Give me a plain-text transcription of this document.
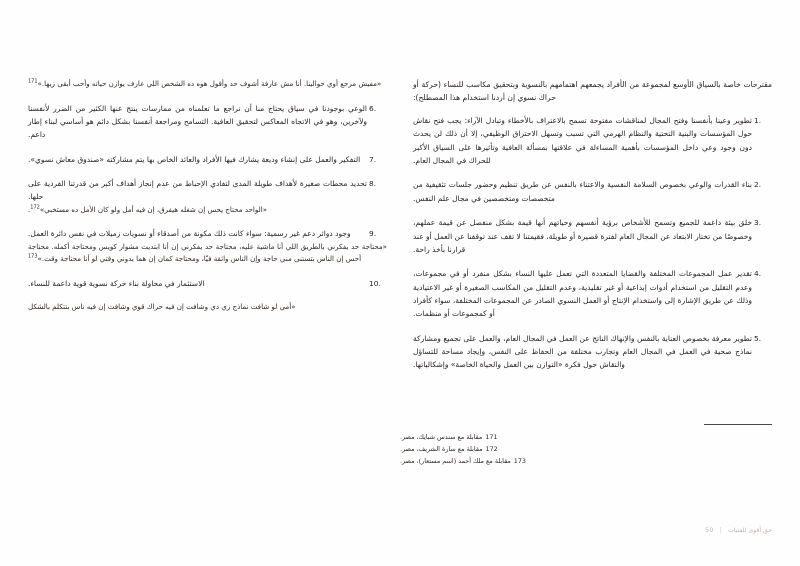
مقترحات خاصة بالسياق الأوسع لمجموعة من الأفراد يجمعهم اهتمامهم بالنسوية وبتحقيق مكاسب للنساء (حركة أو حراك نسوي إن أردنا استخدام هذا المصطلح):

1.
تطوير وعينا بأنفسنا وفتح المجال لمناقشات مفتوحة تسمح بالاعتراف بالأخطاء وتبادل الآراء: يجب فتح نقاش حول المؤسسات والبنية التحتية والنظام الهرمي التي تسبب وتسهل الاحتراق الوظيفي، إلا أن ذلك لن يحدث دون وجود وعي داخل المؤسسات بأهمية المساءلة في علاقتها بمسألة العافية وتأثيرها على السياق الأكبر للحراك في المجال العام.
2.
بناء القدرات والوعي بخصوص السلامة النفسية والاعتناء بالنفس عن طريق تنظيم وحضور جلسات تثقيفية من متخصصات ومتخصصين في مجال علم النفس.
3.
خلق بيئة داعمة للجميع وتسمح للأشخاص برؤية أنفسهم وحياتهم أنها قيمة بشكل منفصل عن قيمة عملهم، وخصوصًا من تختار الابتعاد عن المجال العام لفترة قصيرة أو طويلة، فقيمتنا لا تقف عند توقفنا عن العمل أو عند قرارنا بأخذ راحة.
4.
تقدير عمل المجموعات المختلفة والقضايا المتعددة التي تعمل عليها النساء بشكل منفرد أو في مجموعات، وعدم التقليل من استخدام أدوات إبداعية أو غير تقليدية، وعدم التقليل من المكاسب الصغيرة أو غير الاعتيادية وذلك عن طريق الإشارة إلى واستخدام الإنتاج أو العمل النسوي الصادر عن المجموعات المختلفة، سواء كأفراد أو كمجموعات أو منظمات.
5.
تطوير معرفة بخصوص العناية بالنفس والإنهاك الناتج عن العمل في المجال العام، والعمل على تجميع ومشاركة نماذج صحية في العمل في المجال العام وتجارب مختلفة من الحفاظ على النفس، وإيجاد مساحة للتساؤل والنقاش حول فكرة «التوازن بين العمل والحياة الخاصة» وإشكالياتها.

«مفيش مرجع أوي حوالينا. أنا مش عارفة أشوف حد وأقول هوه ده الشخص اللي عارف يوازن حياته وأحب أبقى زيها.»$^{171}$

6.
الوعي بوجودنا في سياق يحتاج منا أن نراجع ما تعلمناه من ممارسات ينتج عنها الكثير من الضرر لأنفسنا ولآخرين، وهو في الاتجاه المعاكس لتحقيق العافية. التسامح ومراجعة أنفسنا بشكل دائم هو أساسي لبناء إطار داعم.
7.
التفكير والعمل على إنشاء وديعة يشارك فيها الأفراد والعائد الخاص بها يتم مشاركته «صندوق معاش نسوي».
8.
تحديد محطات صغيرة لأهداف طويلة المدى لتفادي الإحباط من عدم إنجاز أهداف أكبر من قدرتنا الفردية على حلها.

«الواحد محتاج يحس إن شغله هيفرق، إن فيه أمل ولو كان الأمل ده مستخبي»$^{172}$.

9.
وجود دوائر دعم غير رسمية: سواء كانت ذلك مكونة من أصدقاء أو نسويات زميلات في نفس دائرة العمل.

«محتاجة حد يفكرني بالطريق اللي أنا ماشية عليه، محتاجة حد يفكرني إن أنا ابتديت مشوار كويس ومحتاجة أكمله. محتاجة أحس إن الناس بتستنى مني حاجة وإن الناس واثقة فيّا، ومحتاجة كمان إن هما يدوني وقتي لو أنا محتاجة وقت.»$^{173}$

10.
الاستثمار في محاولة بناء حركة نسوية قوية داعمة للنساء.

«أمي لو شافت نماذج زي دي وشافت إن فيه حراك قوي وشافت إن فيه ناس بتتكلم بالشكل

171مقابلة مع سندس شبايك، مصر.

172مقابلة مع سارة الشريف، مصر.

173مقابلة مع ملك أحمد (اسم مستعار)، مصر.

حق أقوى للفتيات
|
50
